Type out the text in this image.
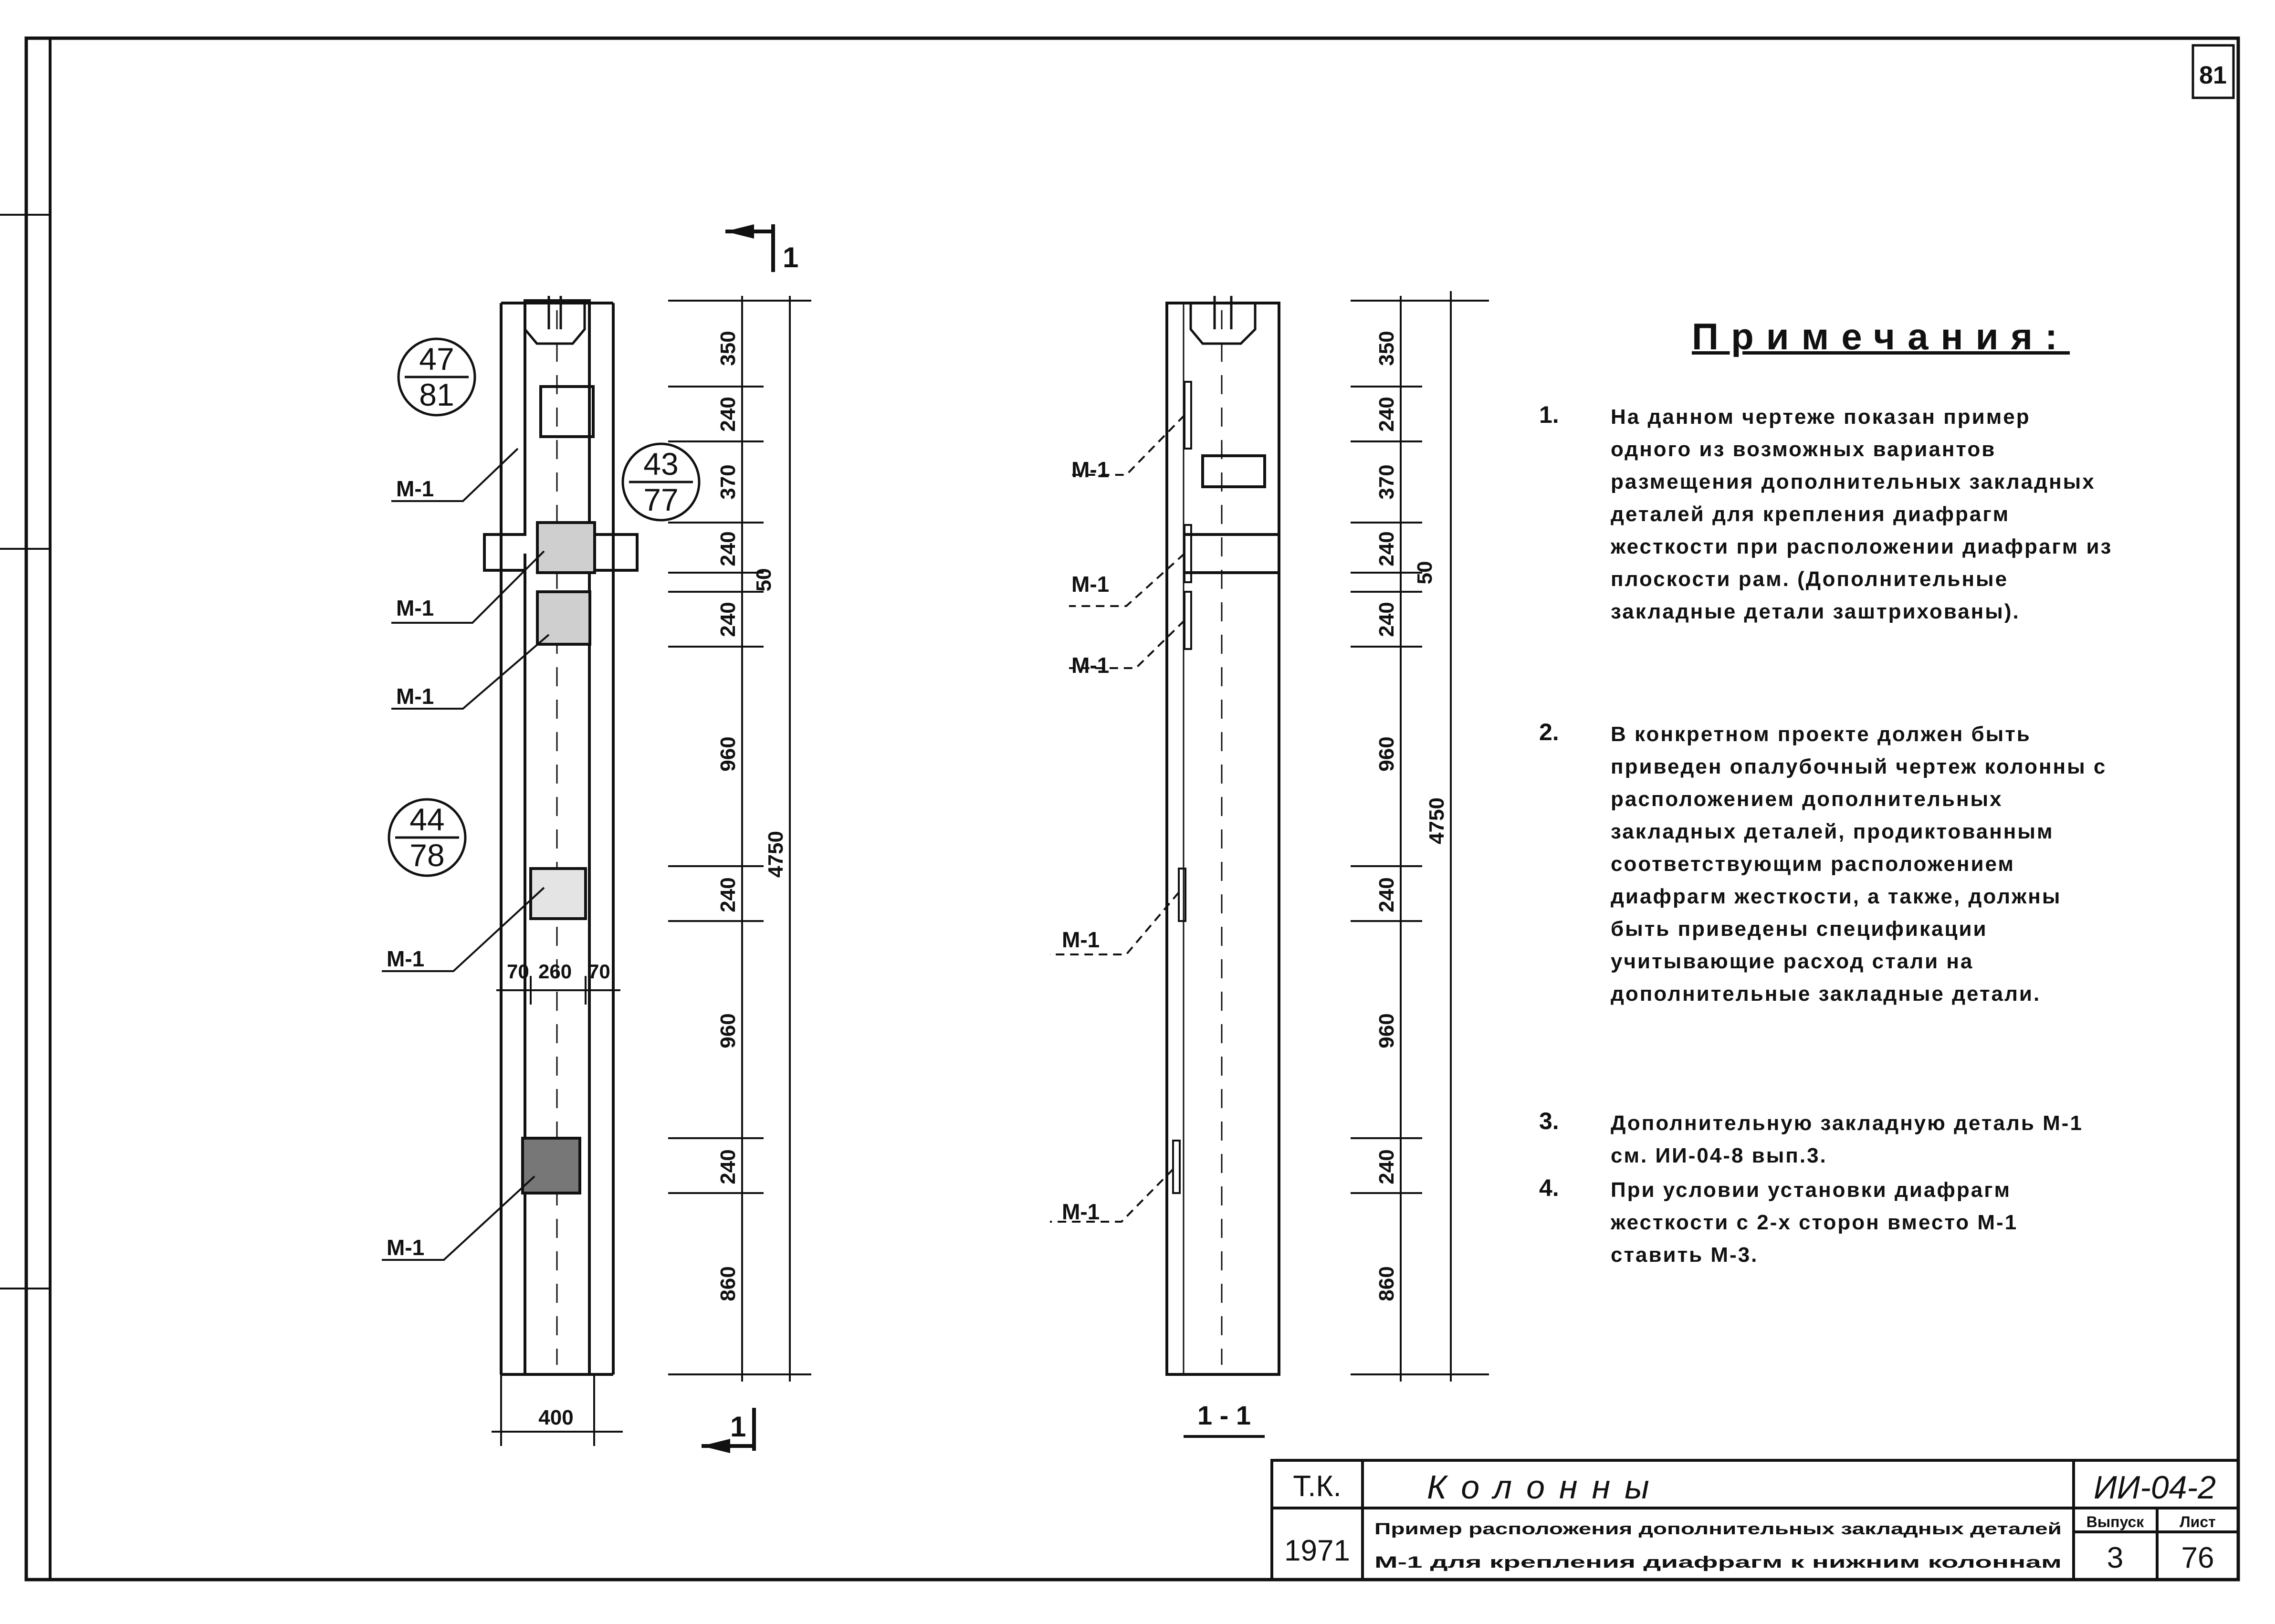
81
М-1
М-1
М-1
М-1
М-1
47
81
43
77
44
78
70 260 70
400
1
1
350
240
370
240
50
240
960
240
960
240
860
4750
М-1
М-1
М-1
М-1
М-1
1 - 1
350
240
370
240
50
240
960
240
960
240
860
4750
Т.К.
1971
Колонны
Пример расположения дополнительных закладных деталей
М-1 для крепления диафрагм к нижним колоннам
ИИ-04-2
Выпуск
3
Лист
76
Примечания:
1. На данном чертеже показан пример одного из возможных вариантов размещения дополнительных закладных деталей для крепления диафрагм жесткости при расположении диафрагм из плоскости рам. (Дополнительные закладные детали заштрихованы).
2. В конкретном проекте должен быть приведен опалубочный чертеж колонны с расположением дополнительных закладных деталей, продиктованным соответствующим расположением диафрагм жесткости, а также, должны быть приведены спецификации учитывающие расход стали на дополнительные закладные детали.
3. Дополнительную закладную деталь М-1 см. ИИ-04-8 вып.3.
4. При условии установки диафрагм жесткости с 2-х сторон вместо М-1 ставить М-3.
